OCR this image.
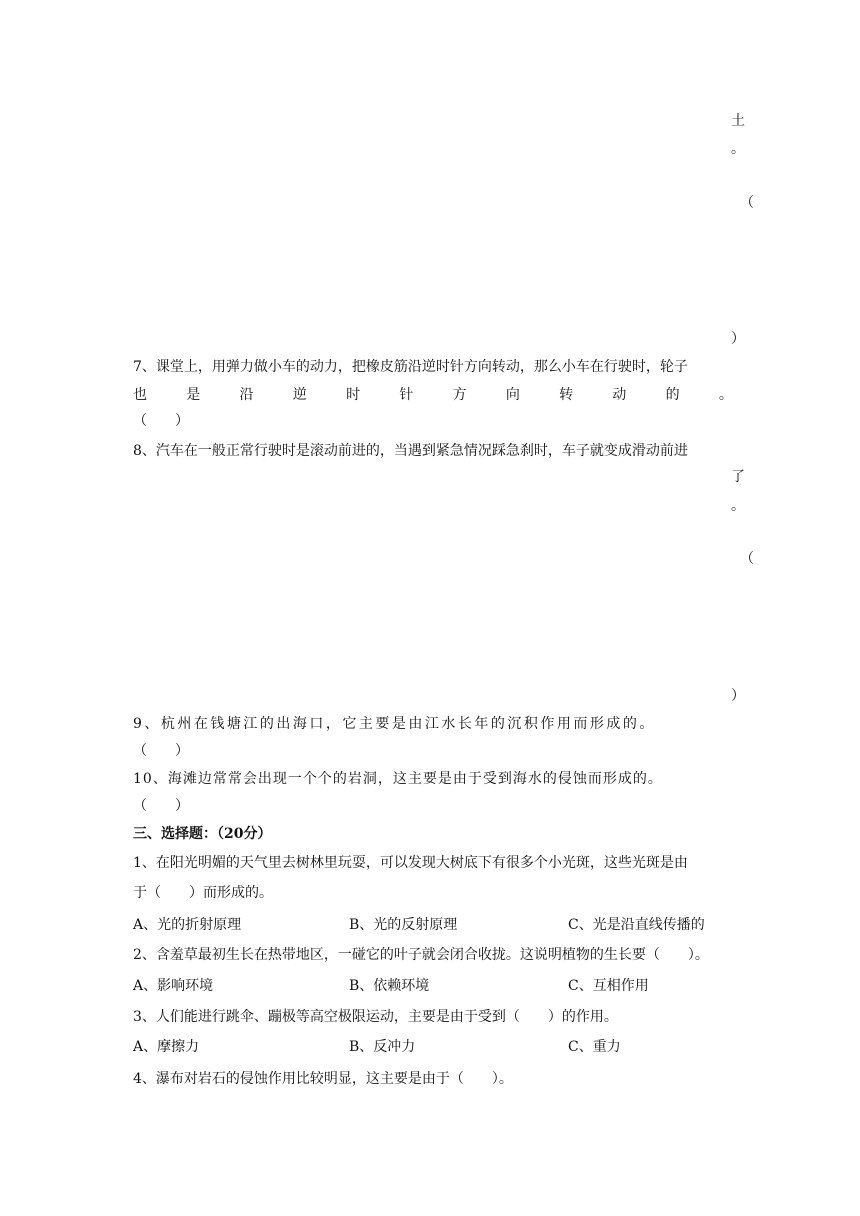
土
。
（
）
7、课堂上，用弹力做小车的动力，把橡皮筋沿逆时针方向转动，那么小车在行驶时，轮子
也	是	沿	逆	时	针	方	向	转	动	的	。
（　　）
8、汽车在一般正常行驶时是滚动前进的，当遇到紧急情况踩急刹时，车子就变成滑动前进
了
。
（
）
9、杭州在钱塘江的出海口，它主要是由江水长年的沉积作用而形成的。
（　　）
10、海滩边常常会出现一个个的岩洞，这主要是由于受到海水的侵蚀而形成的。
（　　）
三、选择题：（20分）
1、在阳光明媚的天气里去树林里玩耍，可以发现大树底下有很多个小光斑，这些光斑是由
于（　　）而形成的。
A、光的折射原理	B、光的反射原理	C、光是沿直线传播的
2、含羞草最初生长在热带地区，一碰它的叶子就会闭合收拢。这说明植物的生长要（　　）。
A、影响环境	B、依赖环境	C、互相作用
3、人们能进行跳伞、蹦极等高空极限运动，主要是由于受到（　　）的作用。
A、摩擦力	B、反冲力	C、重力
4、瀑布对岩石的侵蚀作用比较明显，这主要是由于（　　）。
